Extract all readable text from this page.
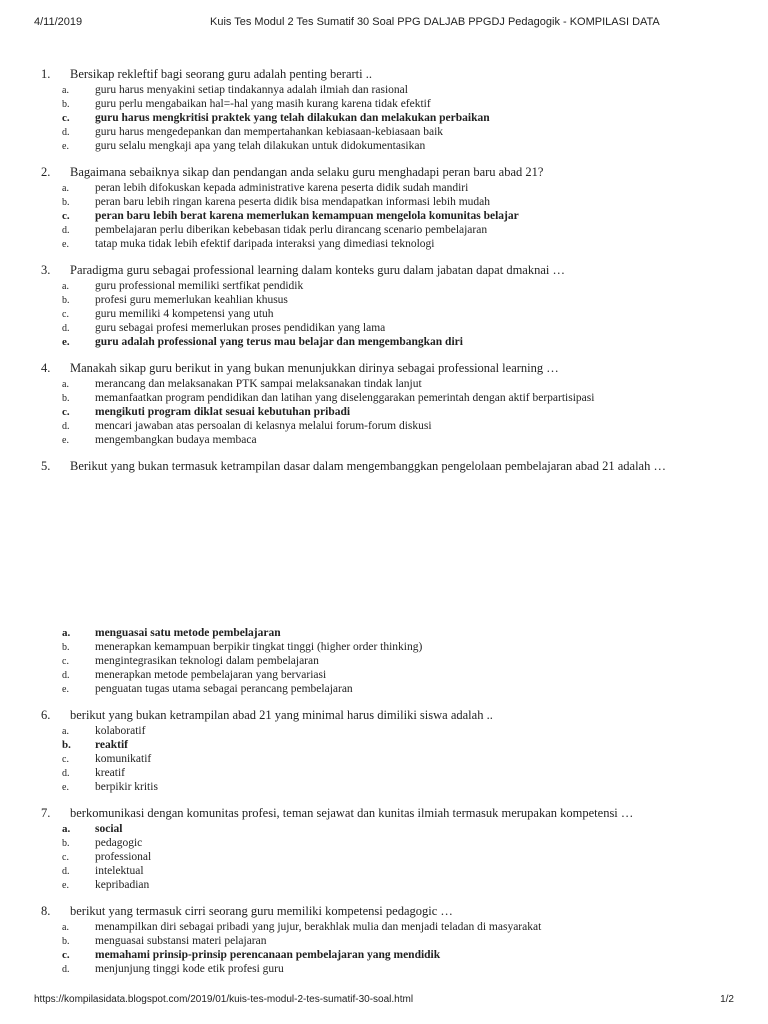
4/11/2019	Kuis Tes Modul 2 Tes Sumatif 30 Soal PPG DALJAB PPGDJ Pedagogik - KOMPILASI DATA
1. Bersikap rekleftif bagi seorang guru adalah penting berarti ..
a. guru harus menyakini setiap tindakannya adalah ilmiah dan rasional
b. guru perlu mengabaikan hal=-hal yang masih kurang karena tidak efektif
c. guru harus mengkritisi praktek yang telah dilakukan dan melakukan perbaikan
d. guru harus mengedepankan dan mempertahankan kebiasaan-kebiasaan baik
e. guru selalu mengkaji apa yang telah dilakukan untuk didokumentasikan
2. Bagaimana sebaiknya sikap dan pendangan anda selaku guru menghadapi peran baru abad 21?
a. peran lebih difokuskan kepada administrative karena peserta didik sudah mandiri
b. peran baru lebih ringan karena peserta didik bisa mendapatkan informasi lebih mudah
c. peran baru lebih berat karena memerlukan kemampuan mengelola komunitas belajar
d. pembelajaran perlu diberikan kebebasan tidak perlu dirancang scenario pembelajaran
e. tatap muka tidak lebih efektif daripada interaksi yang dimediasi teknologi
3. Paradigma guru sebagai professional learning dalam konteks guru dalam jabatan dapat dmaknai …
a. guru professional memiliki sertfikat pendidik
b. profesi guru memerlukan keahlian khusus
c. guru memiliki 4 kompetensi yang utuh
d. guru sebagai profesi memerlukan proses pendidikan yang lama
e. guru adalah professional yang terus mau belajar dan mengembangkan diri
4. Manakah sikap guru berikut in yang bukan menunjukkan dirinya sebagai professional learning …
a. merancang dan melaksanakan PTK sampai melaksanakan tindak lanjut
b. memanfaatkan program pendidikan dan latihan yang diselenggarakan pemerintah dengan aktif berpartisipasi
c. mengikuti program diklat sesuai kebutuhan pribadi
d. mencari jawaban atas persoalan di kelasnya melalui forum-forum diskusi
e. mengembangkan budaya membaca
5. Berikut yang bukan termasuk ketrampilan dasar dalam mengembanggkan pengelolaan pembelajaran abad 21 adalah …
a. menguasai satu metode pembelajaran
b. menerapkan kemampuan berpikir tingkat tinggi (higher order thinking)
c. mengintegrasikan teknologi dalam pembelajaran
d. menerapkan metode pembelajaran yang bervariasi
e. penguatan tugas utama sebagai perancang pembelajaran
6. berikut yang bukan ketrampilan abad 21 yang minimal harus dimiliki siswa adalah ..
a. kolaboratif
b. reaktif
c. komunikatif
d. kreatif
e. berpikir kritis
7. berkomunikasi dengan komunitas profesi, teman sejawat dan kunitas ilmiah termasuk merupakan kompetensi …
a. social
b. pedagogic
c. professional
d. intelektual
e. kepribadian
8. berikut yang termasuk cirri seorang guru memiliki kompetensi pedagogic …
a. menampilkan diri sebagai pribadi yang jujur, berakhlak mulia dan menjadi teladan di masyarakat
b. menguasai substansi materi pelajaran
c. memahami prinsip-prinsip perencanaan pembelajaran yang mendidik
d. menjunjung tinggi kode etik profesi guru
https://kompilasidata.blogspot.com/2019/01/kuis-tes-modul-2-tes-sumatif-30-soal.html	1/2
